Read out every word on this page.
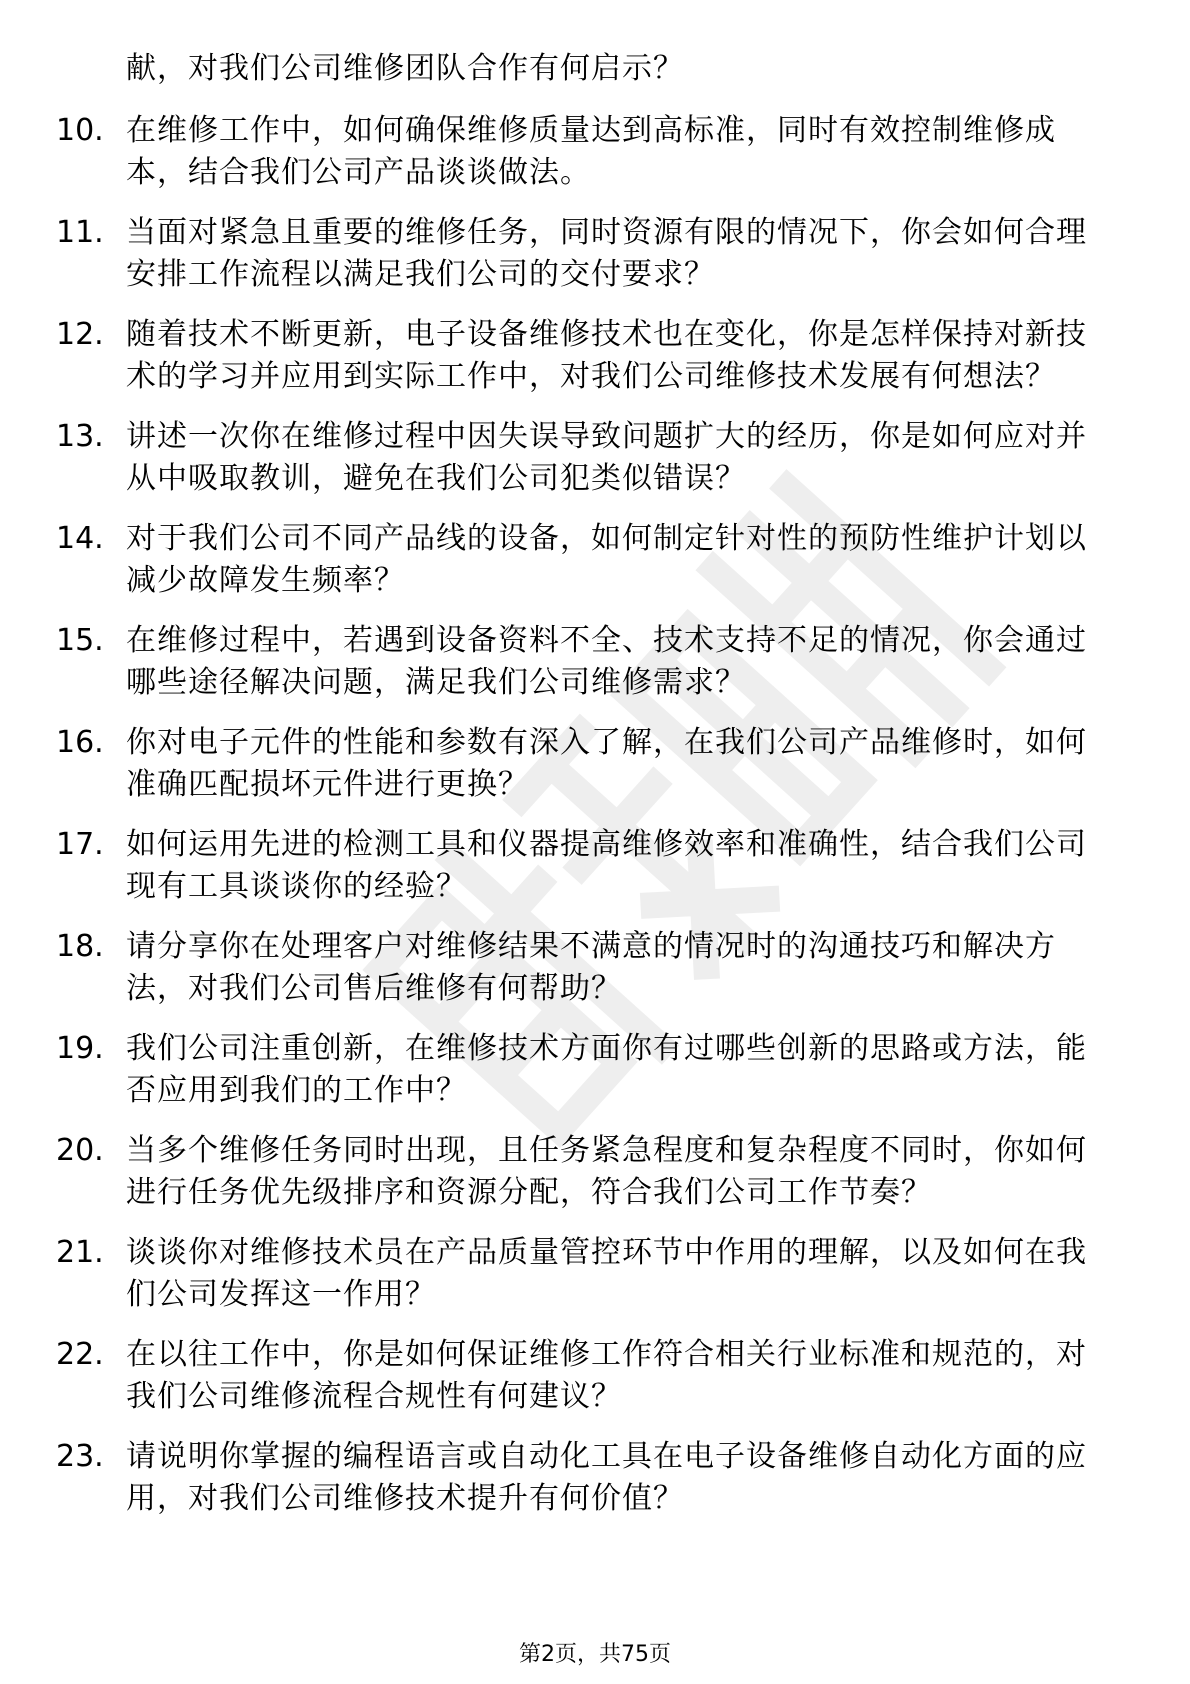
献，对我们公司维修团队合作有何启示？

10. 在维修工作中，如何确保维修质量达到高标准，同时有效控制维修成本，结合我们公司产品谈谈做法。
11. 当面对紧急且重要的维修任务，同时资源有限的情况下，你会如何合理安排工作流程以满足我们公司的交付要求？
12. 随着技术不断更新，电子设备维修技术也在变化，你是怎样保持对新技术的学习并应用到实际工作中，对我们公司维修技术发展有何想法？
13. 讲述一次你在维修过程中因失误导致问题扩大的经历，你是如何应对并从中吸取教训，避免在我们公司犯类似错误？
14. 对于我们公司不同产品线的设备，如何制定针对性的预防性维护计划以减少故障发生频率？
15. 在维修过程中，若遇到设备资料不全、技术支持不足的情况，你会通过哪些途径解决问题，满足我们公司维修需求？
16. 你对电子元件的性能和参数有深入了解，在我们公司产品维修时，如何准确匹配损坏元件进行更换？
17. 如何运用先进的检测工具和仪器提高维修效率和准确性，结合我们公司现有工具谈谈你的经验？
18. 请分享你在处理客户对维修结果不满意的情况时的沟通技巧和解决方法，对我们公司售后维修有何帮助？
19. 我们公司注重创新，在维修技术方面你有过哪些创新的思路或方法，能否应用到我们的工作中？
20. 当多个维修任务同时出现，且任务紧急程度和复杂程度不同时，你如何进行任务优先级排序和资源分配，符合我们公司工作节奏？
21. 谈谈你对维修技术员在产品质量管控环节中作用的理解，以及如何在我们公司发挥这一作用？
22. 在以往工作中，你是如何保证维修工作符合相关行业标准和规范的，对我们公司维修流程合规性有何建议？
23. 请说明你掌握的编程语言或自动化工具在电子设备维修自动化方面的应用，对我们公司维修技术提升有何价值？
第2页，共75页
